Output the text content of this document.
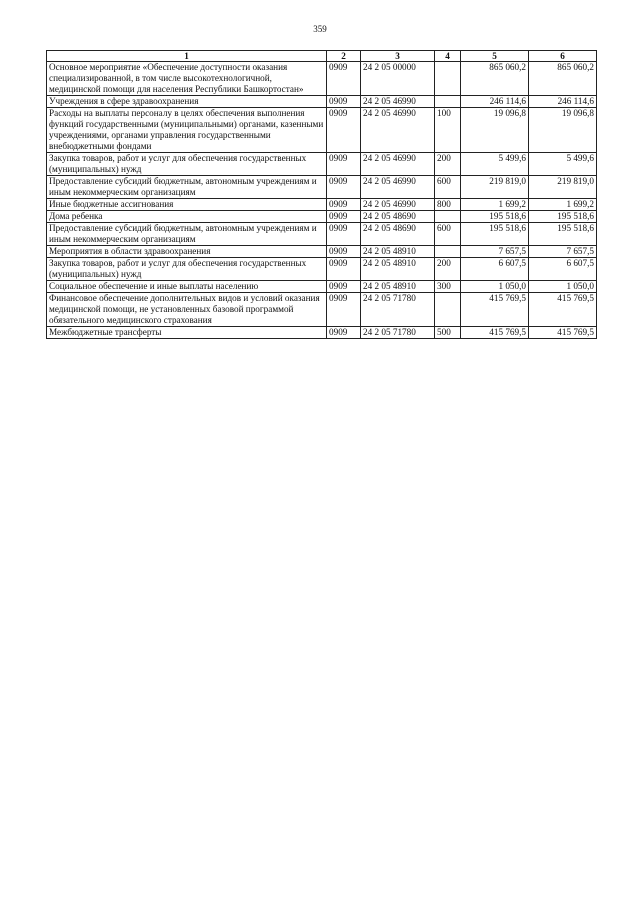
359
1	2	3	4	5	6
Основное мероприятие «Обеспечение доступности оказания специализированной, в том числе высокотехнологичной, медицинской помощи для населения Республики Башкортостан»	0909	24 2 05 00000		865 060,2	865 060,2
Учреждения в сфере здравоохранения	0909	24 2 05 46990		246 114,6	246 114,6
Расходы на выплаты персоналу в целях обеспечения выполнения функций государственными (муниципальными) органами, казенными учреждениями, органами управления государственными внебюджетными фондами	0909	24 2 05 46990	100	19 096,8	19 096,8
Закупка товаров, работ и услуг для обеспечения государственных (муниципальных) нужд	0909	24 2 05 46990	200	5 499,6	5 499,6
Предоставление субсидий бюджетным, автономным учреждениям и иным некоммерческим организациям	0909	24 2 05 46990	600	219 819,0	219 819,0
Иные бюджетные ассигнования	0909	24 2 05 46990	800	1 699,2	1 699,2
Дома ребенка	0909	24 2 05 48690		195 518,6	195 518,6
Предоставление субсидий бюджетным, автономным учреждениям и иным некоммерческим организациям	0909	24 2 05 48690	600	195 518,6	195 518,6
Мероприятия в области здравоохранения	0909	24 2 05 48910		7 657,5	7 657,5
Закупка товаров, работ и услуг для обеспечения государственных (муниципальных) нужд	0909	24 2 05 48910	200	6 607,5	6 607,5
Социальное обеспечение и иные выплаты населению	0909	24 2 05 48910	300	1 050,0	1 050,0
Финансовое обеспечение дополнительных видов и условий оказания медицинской помощи, не установленных базовой программой обязательного медицинского страхования	0909	24 2 05 71780		415 769,5	415 769,5
Межбюджетные трансферты	0909	24 2 05 71780	500	415 769,5	415 769,5
